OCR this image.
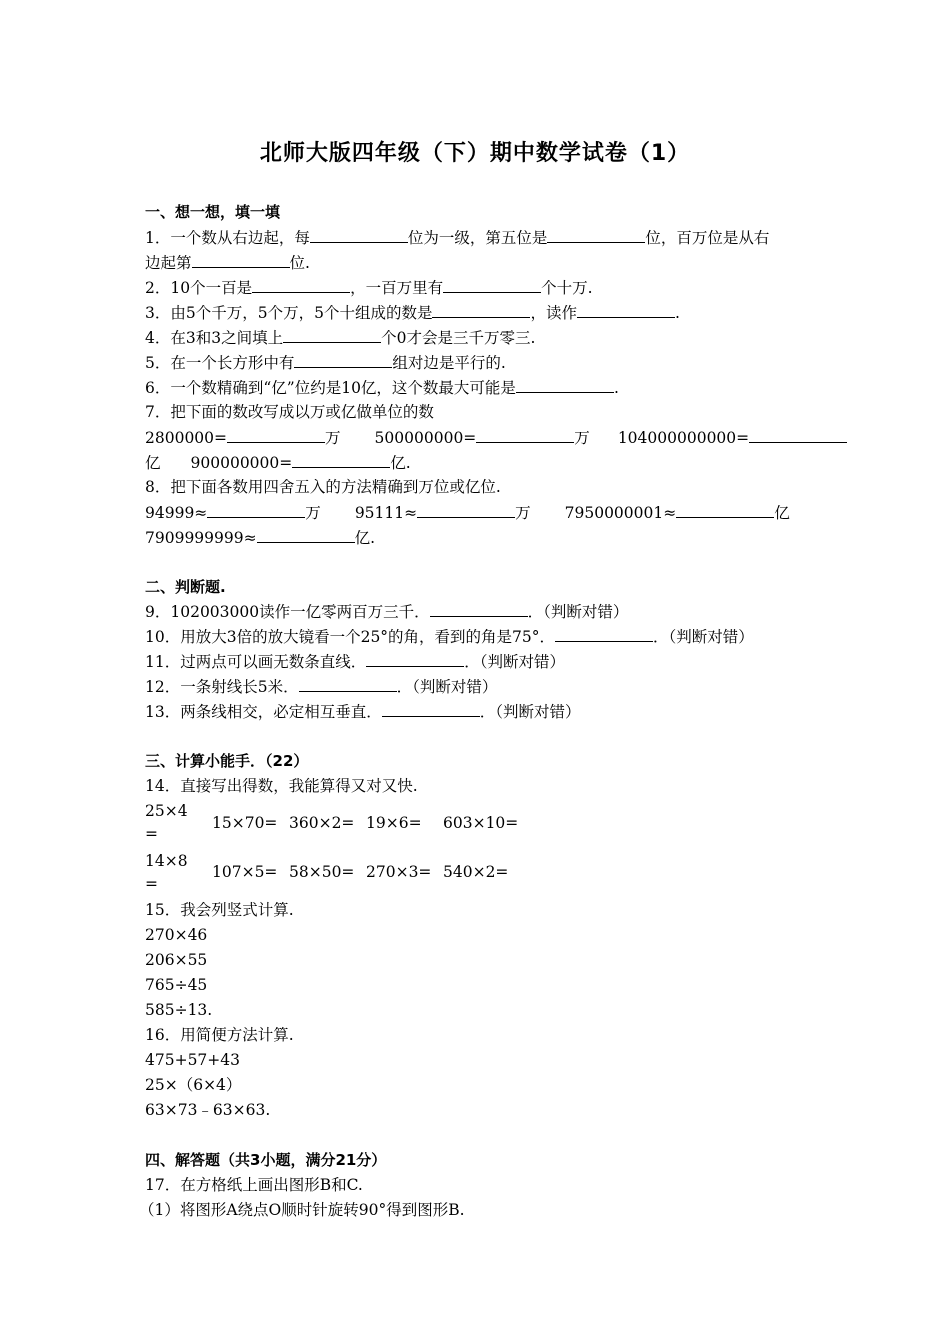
北师大版四年级（下）期中数学试卷（1）
一、想一想，填一填
1．一个数从右边起，每	位为一级，第五位是	位，百万位是从右
边起第	位.
2．10个一百是	，一百万里有	个十万.
3．由5个千万，5个万，5个十组成的数是	，读作	.
4．在3和3之间填上	个0才会是三千万零三.
5．在一个长方形中有	组对边是平行的.
6．一个数精确到“亿”位约是10亿，这个数最大可能是	.
7．把下面的数改写成以万或亿做单位的数
2800000=	万 500000000=	万 104000000000=
亿 900000000=	亿.
8．把下面各数用四舍五入的方法精确到万位或亿位.
94999≈	万 95111≈	万 7950000001≈	亿
7909999999≈	亿.
二、判断题.
9．102003000读作一亿零两百万三千．	．（判断对错）
10．用放大3倍的放大镜看一个25°的角，看到的角是75°．	．（判断对错）
11．过两点可以画无数条直线．	．（判断对错）
12．一条射线长5米．	．（判断对错）
13．两条线相交，必定相互垂直．	．（判断对错）
三、计算小能手．（22）
14．直接写出得数，我能算得又对又快.
25×4
=
15×70= 360×2= 19×6= 603×10=
14×8
=
107×5= 58×50= 270×3= 540×2=
15．我会列竖式计算.
270×46
206×55
765÷45
585÷13.
16．用简便方法计算.
475+57+43
25×（6×4）
63×73﹣63×63.
四、解答题（共3小题，满分21分）
17．在方格纸上画出图形B和C.
（1）将图形A绕点O顺时针旋转90°得到图形B.
